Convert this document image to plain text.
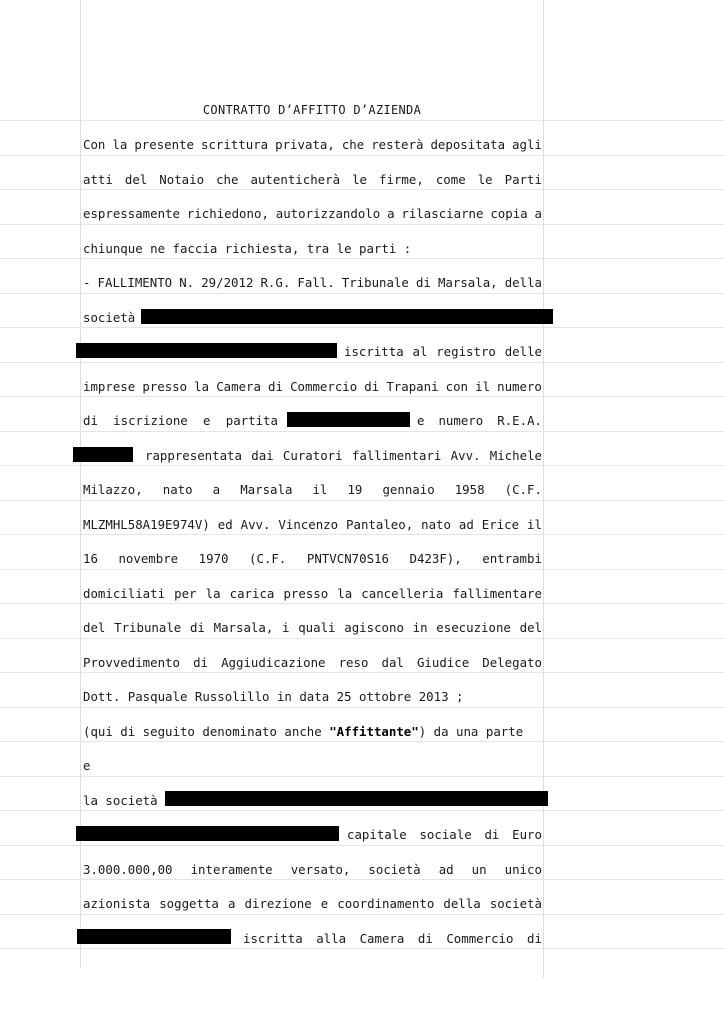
CONTRATTO D’AFFITTO D’AZIENDA
Con la presente scrittura privata, che resterà depositata agli
atti del Notaio che autenticherà le firme, come le Parti
espressamente richiedono, autorizzandolo a rilasciarne copia a
chiunque ne faccia richiesta, tra le parti :
- FALLIMENTO N. 29/2012 R.G. Fall. Tribunale di Marsala, della
società
iscritta al registro delle
imprese presso la Camera di Commercio di Trapani con il numero
di iscrizione e partita	e numero R.E.A.
rappresentata dai Curatori fallimentari Avv. Michele
Milazzo, nato a Marsala il 19 gennaio 1958 (C.F.
MLZMHL58A19E974V) ed Avv. Vincenzo Pantaleo, nato ad Erice il
16 novembre 1970 (C.F. PNTVCN70S16 D423F), entrambi
domiciliati per la carica presso la cancelleria fallimentare
del Tribunale di Marsala, i quali agiscono in esecuzione del
Provvedimento di Aggiudicazione reso dal Giudice Delegato
Dott. Pasquale Russolillo in data 25 ottobre 2013 ;
(qui di seguito denominato anche "Affittante") da una parte
e
la società
capitale sociale di Euro
3.000.000,00 interamente versato, società ad un unico
azionista soggetta a direzione e coordinamento della società
iscritta alla Camera di Commercio di
